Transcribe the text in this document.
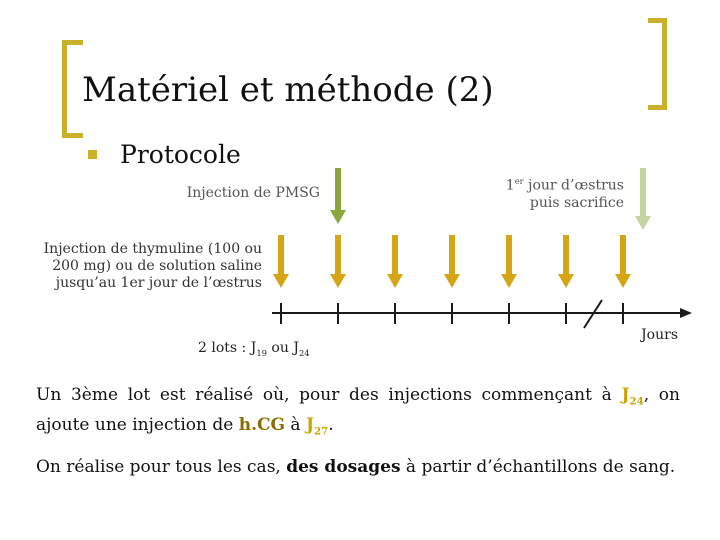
Matériel et méthode (2)
Protocole
Injection de PMSG	1er jour d’œstrus
puis sacrifice
Injection de thymuline (100 ou
200 mg) ou de solution saline
jusqu’au 1er jour de l’œstrus
2 lots : $J_{19}$ ou $J_{24}$
Jours
Un 3ème lot est réalisé où, pour des injections commençant à $J_{24}$, on ajoute une injection de h.CG à $J_{27}$.
On réalise pour tous les cas, des dosages à partir d’échantillons de sang.
